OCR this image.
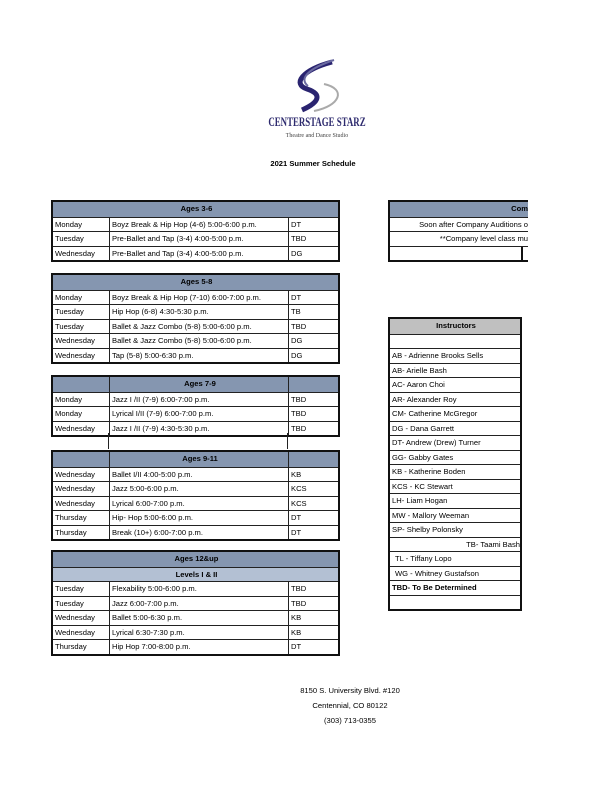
CENTERSTAGE STARZ
Theatre and Dance Studio
2021 Summer Schedule
Ages 3-6
Monday	Boyz Break & Hip Hop (4-6) 5:00-6:00 p.m.	DT
Tuesday	Pre-Ballet and Tap (3-4) 4:00-5:00 p.m.	TBD
Wednesday	Pre-Ballet and Tap (3-4) 4:00-5:00 p.m.	DG
Ages 5-8
Monday	Boyz Break & Hip Hop (7-10) 6:00-7:00 p.m.	DT
Tuesday	Hip Hop (6-8) 4:30-5:30 p.m.	TB
Tuesday	Ballet & Jazz Combo (5-8) 5:00-6:00 p.m.	TBD
Wednesday	Ballet & Jazz Combo (5-8) 5:00-6:00 p.m.	DG
Wednesday	Tap (5-8) 5:00-6:30 p.m.	DG
Ages 7-9
Monday	Jazz I /II (7-9) 6:00-7:00 p.m.	TBD
Monday	Lyrical I/II (7-9) 6:00-7:00 p.m.	TBD
Wednesday	Jazz I /II (7-9) 4:30-5:30 p.m.	TBD
Ages 9-11
Wednesday	Ballet I/II 4:00-5:00 p.m.	KB
Wednesday	Jazz 5:00-6:00 p.m.	KCS
Wednesday	Lyrical 6:00-7:00 p.m.	KCS
Thursday	Hip- Hop 5:00-6:00 p.m.	DT
Thursday	Break (10+) 6:00-7:00 p.m.	DT
Ages 12&up
Levels I & II
Tuesday	Flexability 5:00-6:00 p.m.	TBD
Tuesday	Jazz 6:00-7:00 p.m.	TBD
Wednesday	Ballet 5:00-6:30 p.m.	KB
Wednesday	Lyrical 6:30-7:30 p.m.	KB
Thursday	Hip Hop 7:00-8:00 p.m.	DT
Com
Soon after Company Auditions o
**Company level class mu
Instructors
AB - Adrienne Brooks Sells
AB- Arielle Bash
AC- Aaron Choi
AR- Alexander Roy
CM- Catherine McGregor
DG - Dana Garrett
DT- Andrew (Drew) Turner
GG- Gabby Gates
KB - Katherine Boden
KCS - KC Stewart
LH- Liam Hogan
MW - Mallory Weeman
SP- Shelby Polonsky
TB- Taami Bash
TL - Tiffany Lopo
WG - Whitney Gustafson
TBD- To Be Determined
8150 S. University Blvd. #120
Centennial, CO 80122
(303) 713-0355
